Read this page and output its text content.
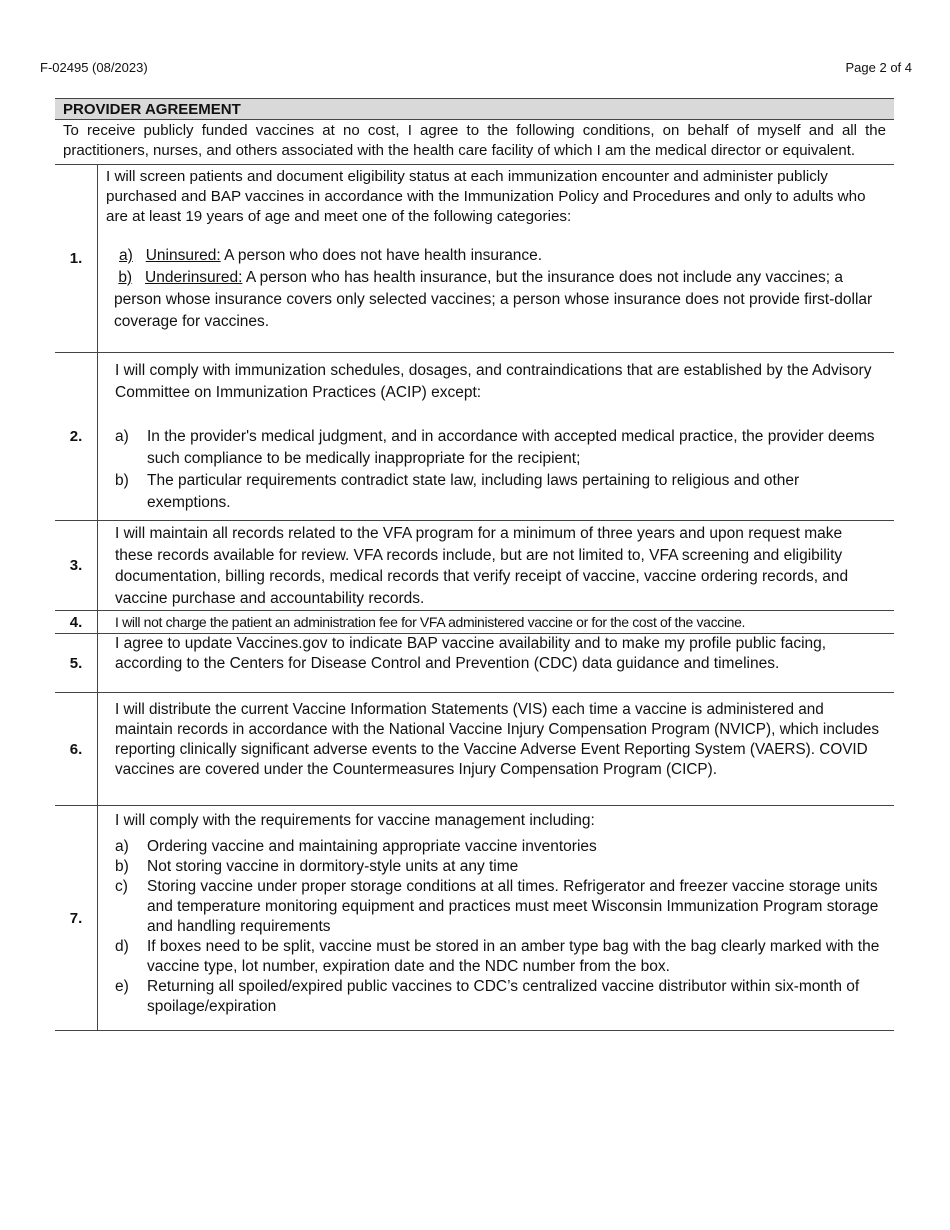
F-02495 (08/2023)	Page 2 of 4
PROVIDER AGREEMENT
To receive publicly funded vaccines at no cost, I agree to the following conditions, on behalf of myself and all the practitioners, nurses, and others associated with the health care facility of which I am the medical director or equivalent.
1.

I will screen patients and document eligibility status at each immunization encounter and administer publicly purchased and BAP vaccines in accordance with the Immunization Policy and Procedures and only to adults who are at least 19 years of age and meet one of the following categories:

a) Uninsured: A person who does not have health insurance.
b) Underinsured: A person who has health insurance, but the insurance does not include any vaccines; a person whose insurance covers only selected vaccines; a person whose insurance does not provide first-dollar coverage for vaccines.
2.

I will comply with immunization schedules, dosages, and contraindications that are established by the Advisory Committee on Immunization Practices (ACIP) except:

a)	In the provider's medical judgment, and in accordance with accepted medical practice, the provider deems such compliance to be medically inappropriate for the recipient;
b)	The particular requirements contradict state law, including laws pertaining to religious and other exemptions.
3.

I will maintain all records related to the VFA program for a minimum of three years and upon request make these records available for review. VFA records include, but are not limited to, VFA screening and eligibility documentation, billing records, medical records that verify receipt of vaccine, vaccine ordering records, and vaccine purchase and accountability records.

4.	I will not charge the patient an administration fee for VFA administered vaccine or for the cost of the vaccine.

5.

I agree to update Vaccines.gov to indicate BAP vaccine availability and to make my profile public facing, according to the Centers for Disease Control and Prevention (CDC) data guidance and timelines.

6.

I will distribute the current Vaccine Information Statements (VIS) each time a vaccine is administered and maintain records in accordance with the National Vaccine Injury Compensation Program (NVICP), which includes reporting clinically significant adverse events to the Vaccine Adverse Event Reporting System (VAERS). COVID vaccines are covered under the Countermeasures Injury Compensation Program (CICP).

7.

I will comply with the requirements for vaccine management including:

a)	Ordering vaccine and maintaining appropriate vaccine inventories
b)	Not storing vaccine in dormitory-style units at any time
c)	Storing vaccine under proper storage conditions at all times. Refrigerator and freezer vaccine storage units and temperature monitoring equipment and practices must meet Wisconsin Immunization Program storage and handling requirements
d)	If boxes need to be split, vaccine must be stored in an amber type bag with the bag clearly marked with the vaccine type, lot number, expiration date and the NDC number from the box.
e)	Returning all spoiled/expired public vaccines to CDC’s centralized vaccine distributor within six-month of spoilage/expiration
